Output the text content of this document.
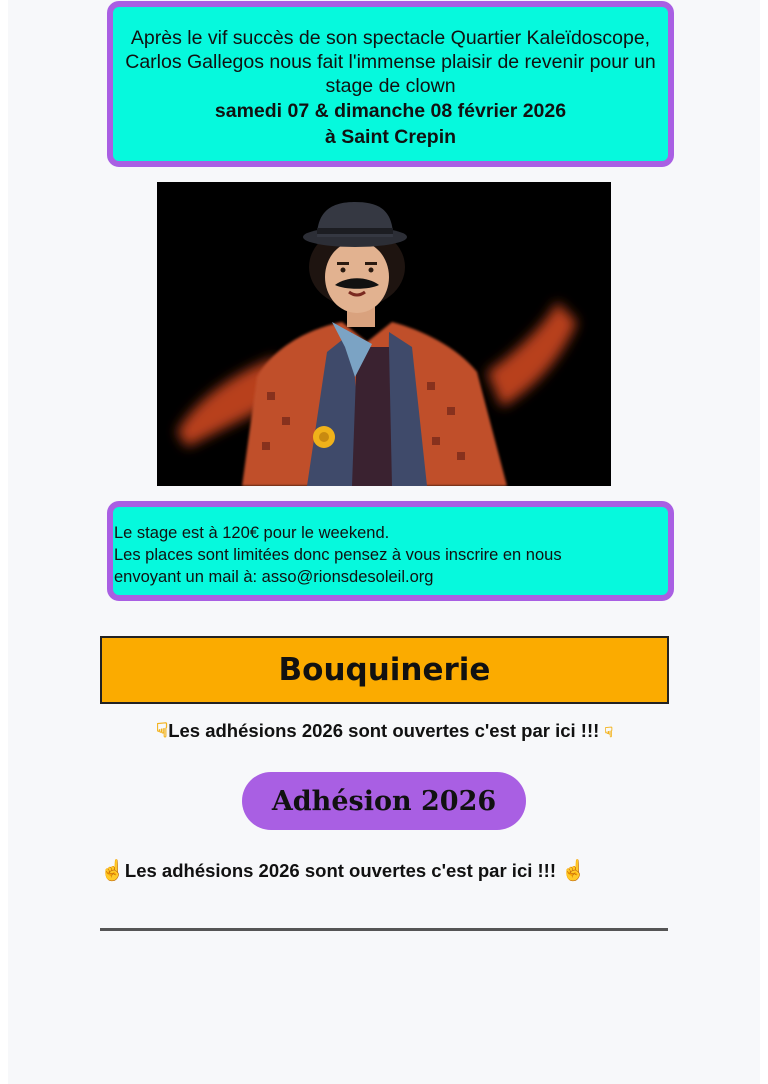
Après le vif succès de son spectacle Quartier Kaleïdoscope, Carlos Gallegos nous fait l'immense plaisir de revenir pour un stage de clown
samedi 07 & dimanche 08 février 2026
à Saint Crepin

Le stage est à 120€ pour le weekend.
Les places sont limitées donc pensez à vous inscrire en nous
envoyant un mail à: asso@rionsdesoleil.org

Bouquinerie
☟Les adhésions 2026 sont ouvertes c'est par ici !!! ☟
Adhésion 2026
☝Les adhésions 2026 sont ouvertes c'est par ici !!! ☝
